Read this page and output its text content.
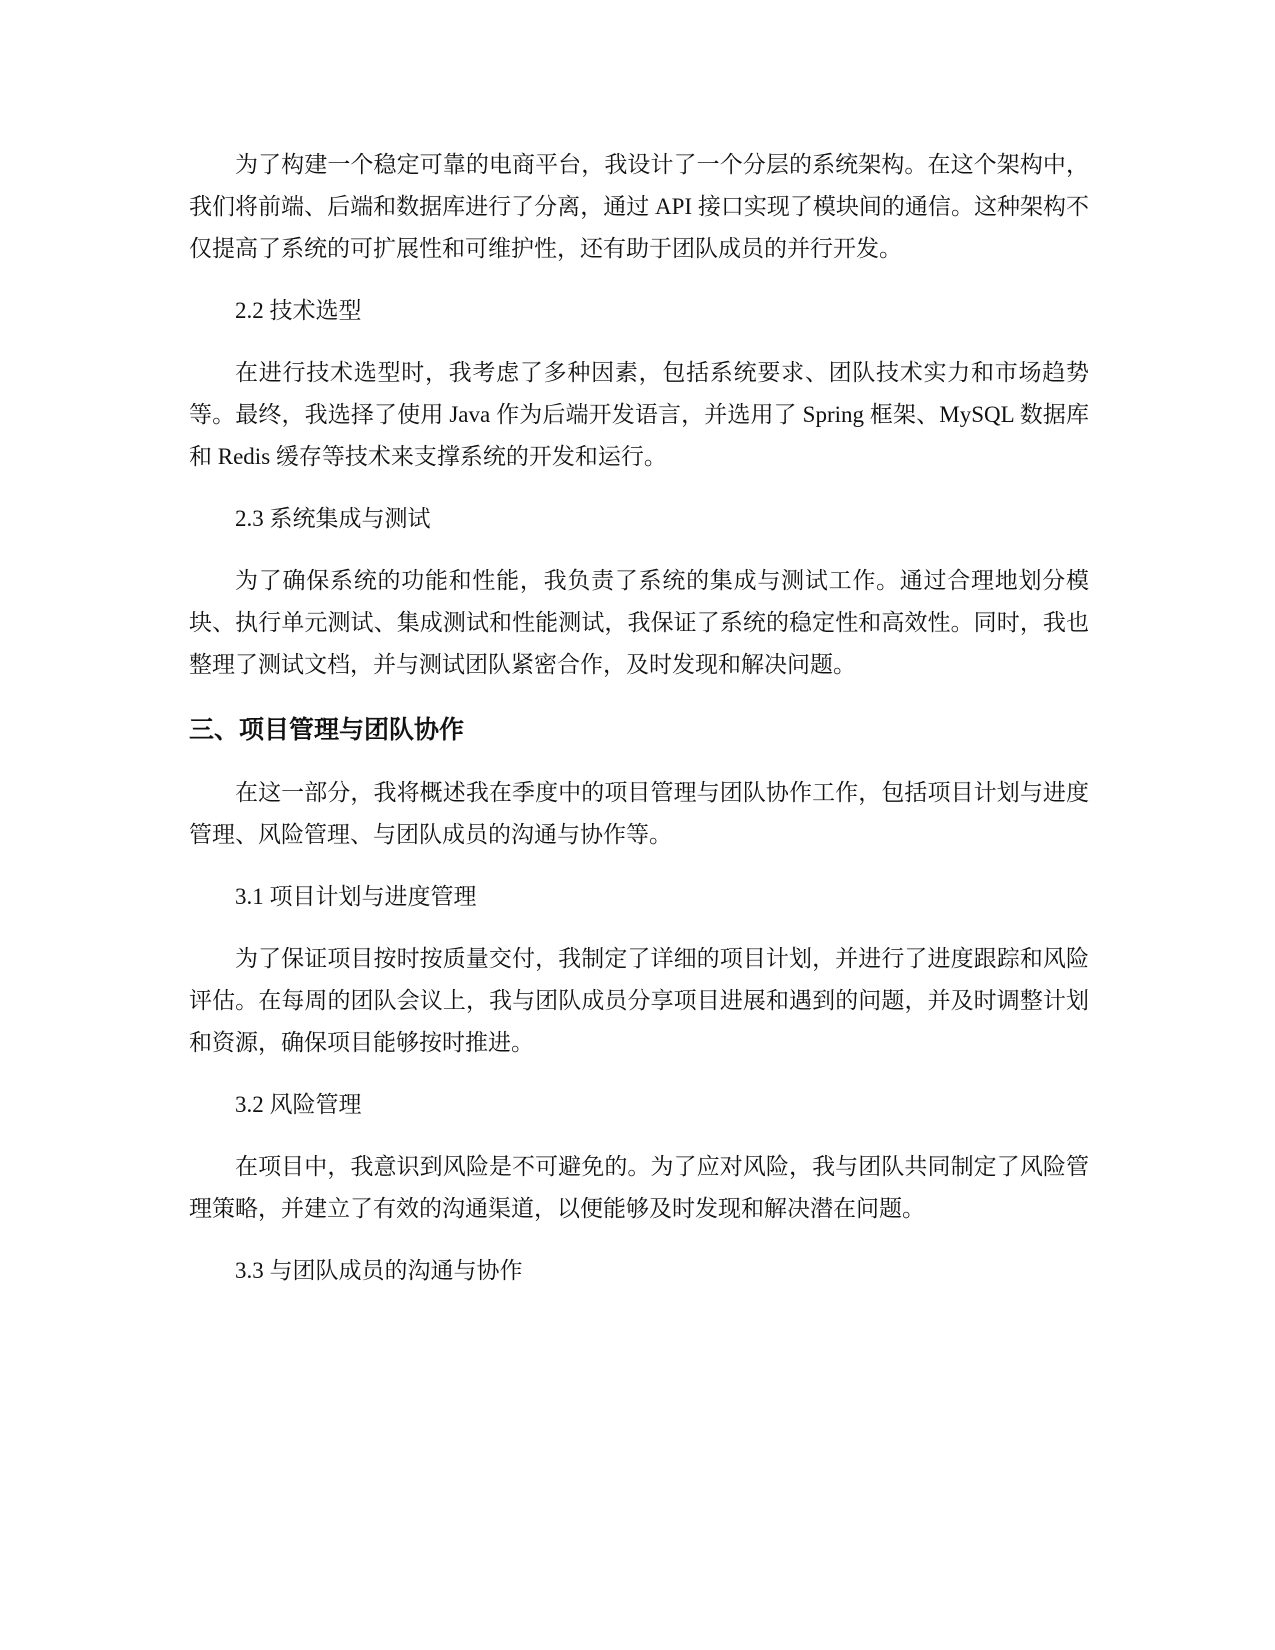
为了构建一个稳定可靠的电商平台，我设计了一个分层的系统架构。在这个架构中，我们将前端、后端和数据库进行了分离，通过 API 接口实现了模块间的通信。这种架构不仅提高了系统的可扩展性和可维护性，还有助于团队成员的并行开发。

2.2 技术选型

在进行技术选型时，我考虑了多种因素，包括系统要求、团队技术实力和市场趋势等。最终，我选择了使用 Java 作为后端开发语言，并选用了 Spring 框架、MySQL 数据库和 Redis 缓存等技术来支撑系统的开发和运行。

2.3 系统集成与测试

为了确保系统的功能和性能，我负责了系统的集成与测试工作。通过合理地划分模块、执行单元测试、集成测试和性能测试，我保证了系统的稳定性和高效性。同时，我也整理了测试文档，并与测试团队紧密合作，及时发现和解决问题。

三、项目管理与团队协作

在这一部分，我将概述我在季度中的项目管理与团队协作工作，包括项目计划与进度管理、风险管理、与团队成员的沟通与协作等。

3.1 项目计划与进度管理

为了保证项目按时按质量交付，我制定了详细的项目计划，并进行了进度跟踪和风险评估。在每周的团队会议上，我与团队成员分享项目进展和遇到的问题，并及时调整计划和资源，确保项目能够按时推进。

3.2 风险管理

在项目中，我意识到风险是不可避免的。为了应对风险，我与团队共同制定了风险管理策略，并建立了有效的沟通渠道，以便能够及时发现和解决潜在问题。

3.3 与团队成员的沟通与协作
